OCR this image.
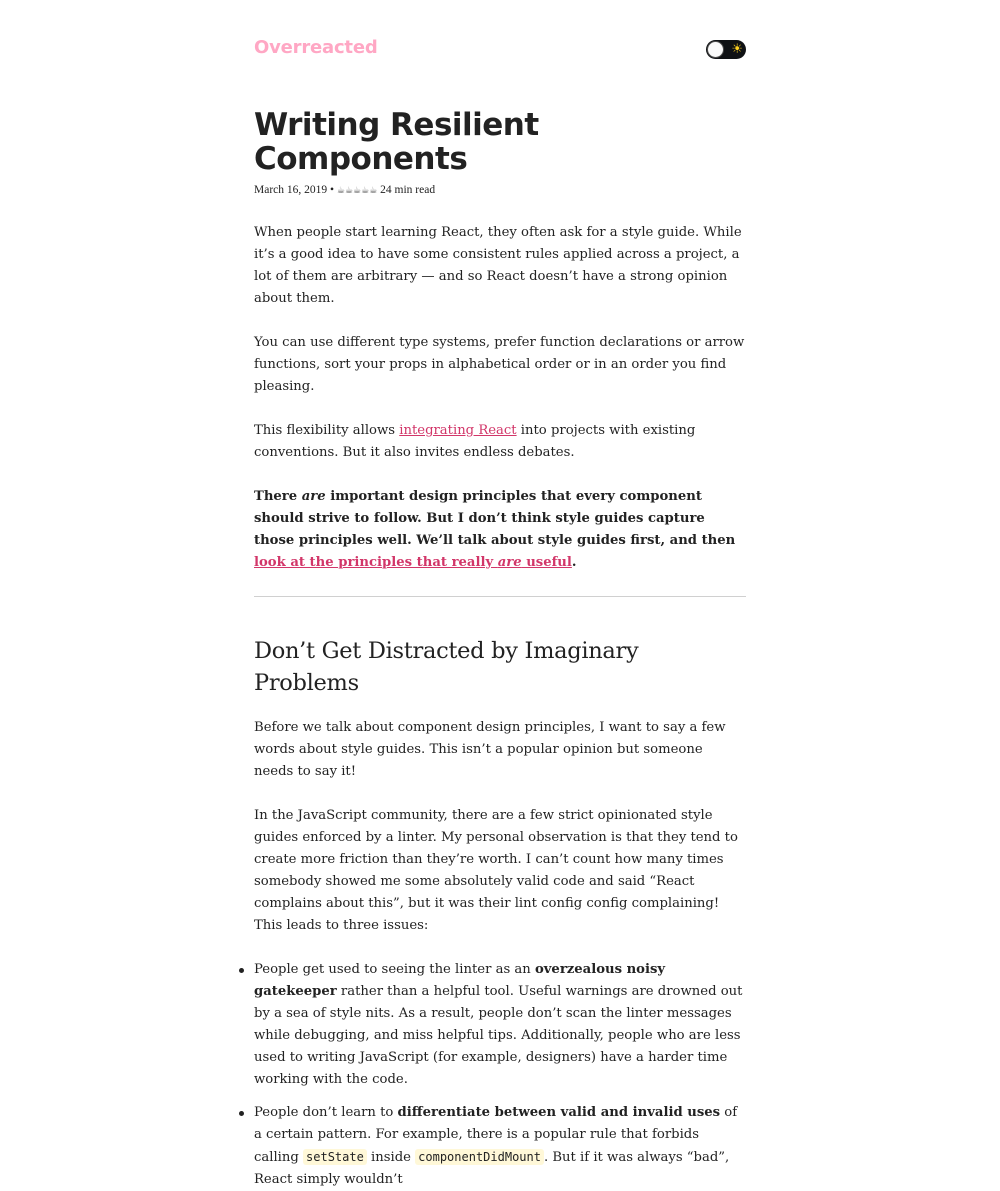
Overreacted	☀
Writing Resilient Components
March 16, 2019 • ☕☕☕☕☕ 24 min read

When people start learning React, they often ask for a style guide. While it’s a good idea to have some consistent rules applied across a project, a lot of them are arbitrary — and so React doesn’t have a strong opinion about them.

You can use different type systems, prefer function declarations or arrow functions, sort your props in alphabetical order or in an order you find pleasing.

This flexibility allows integrating React into projects with existing conventions. But it also invites endless debates.

There are important design principles that every component should strive to follow. But I don’t think style guides capture those principles well. We’ll talk about style guides first, and then look at the principles that really are useful.

Don’t Get Distracted by Imaginary Problems

Before we talk about component design principles, I want to say a few words about style guides. This isn’t a popular opinion but someone needs to say it!

In the JavaScript community, there are a few strict opinionated style guides enforced by a linter. My personal observation is that they tend to create more friction than they’re worth. I can’t count how many times somebody showed me some absolutely valid code and said “React complains about this”, but it was their lint config config complaining! This leads to three issues:

People get used to seeing the linter as an overzealous noisy gatekeeper rather than a helpful tool. Useful warnings are drowned out by a sea of style nits. As a result, people don’t scan the linter messages while debugging, and miss helpful tips. Additionally, people who are less used to writing JavaScript (for example, designers) have a harder time working with the code.
People don’t learn to differentiate between valid and invalid uses of a certain pattern. For example, there is a popular rule that forbids calling setState inside componentDidMount . But if it was always “bad”, React simply wouldn’t
